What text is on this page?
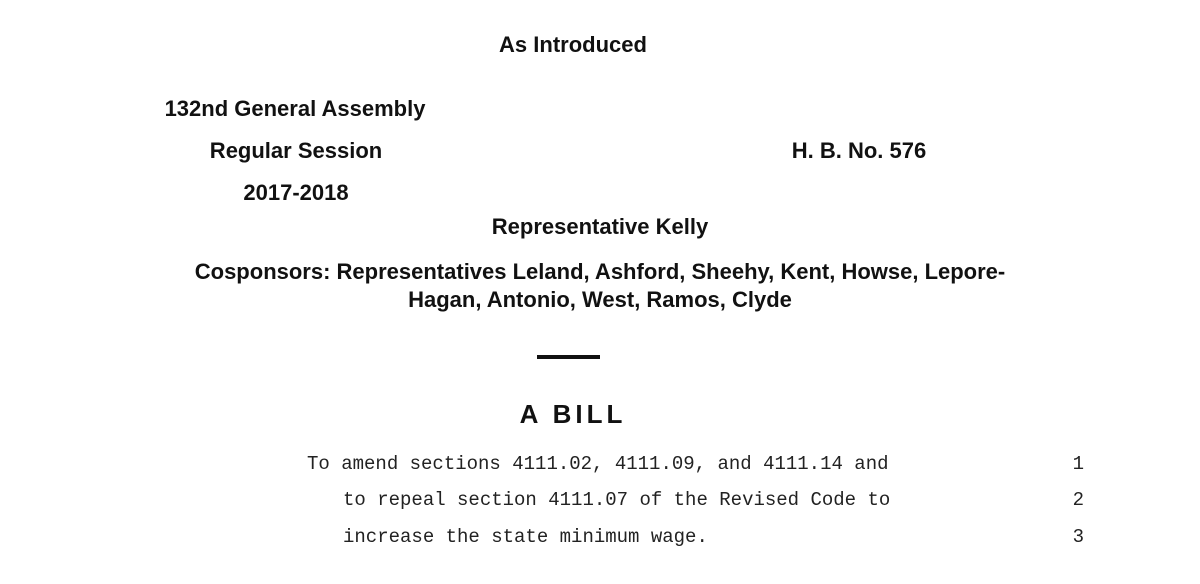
As Introduced
132nd General Assembly
Regular Session
2017-2018
H. B. No. 576
Representative Kelly
Cosponsors: Representatives Leland, Ashford, Sheehy, Kent, Howse, Lepore-
Hagan, Antonio, West, Ramos, Clyde
A BILL
To amend sections 4111.02, 4111.09, and 4111.14 and	1
to repeal section 4111.07 of the Revised Code to	2
increase the state minimum wage.	3
